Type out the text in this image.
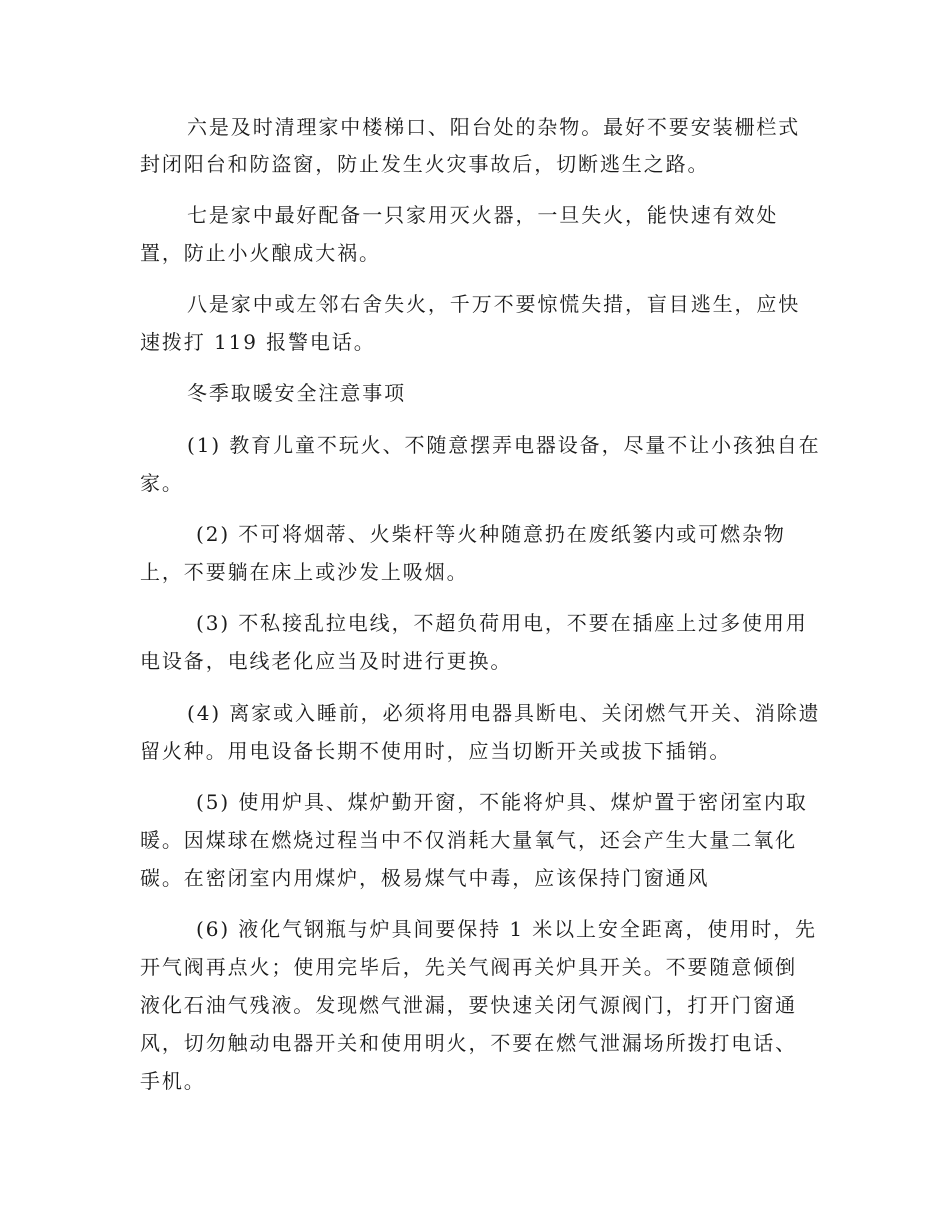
六是及时清理家中楼梯口、阳台处的杂物。最好不要安装栅栏式
封闭阳台和防盗窗，防止发生火灾事故后，切断逃生之路。
七是家中最好配备一只家用灭火器，一旦失火，能快速有效处
置，防止小火酿成大祸。
八是家中或左邻右舍失火，千万不要惊慌失措，盲目逃生，应快
速拨打 119 报警电话。
冬季取暖安全注意事项
(1) 教育儿童不玩火、不随意摆弄电器设备，尽量不让小孩独自在
家。
(2) 不可将烟蒂、火柴杆等火种随意扔在废纸篓内或可燃杂物
上，不要躺在床上或沙发上吸烟。
(3) 不私接乱拉电线，不超负荷用电，不要在插座上过多使用用
电设备，电线老化应当及时进行更换。
(4) 离家或入睡前，必须将用电器具断电、关闭燃气开关、消除遗
留火种。用电设备长期不使用时，应当切断开关或拔下插销。
(5) 使用炉具、煤炉勤开窗，不能将炉具、煤炉置于密闭室内取
暖。因煤球在燃烧过程当中不仅消耗大量氧气，还会产生大量二氧化
碳。在密闭室内用煤炉，极易煤气中毒，应该保持门窗通风
(6) 液化气钢瓶与炉具间要保持 1 米以上安全距离，使用时，先
开气阀再点火；使用完毕后，先关气阀再关炉具开关。不要随意倾倒
液化石油气残液。发现燃气泄漏，要快速关闭气源阀门，打开门窗通
风，切勿触动电器开关和使用明火，不要在燃气泄漏场所拨打电话、
手机。
